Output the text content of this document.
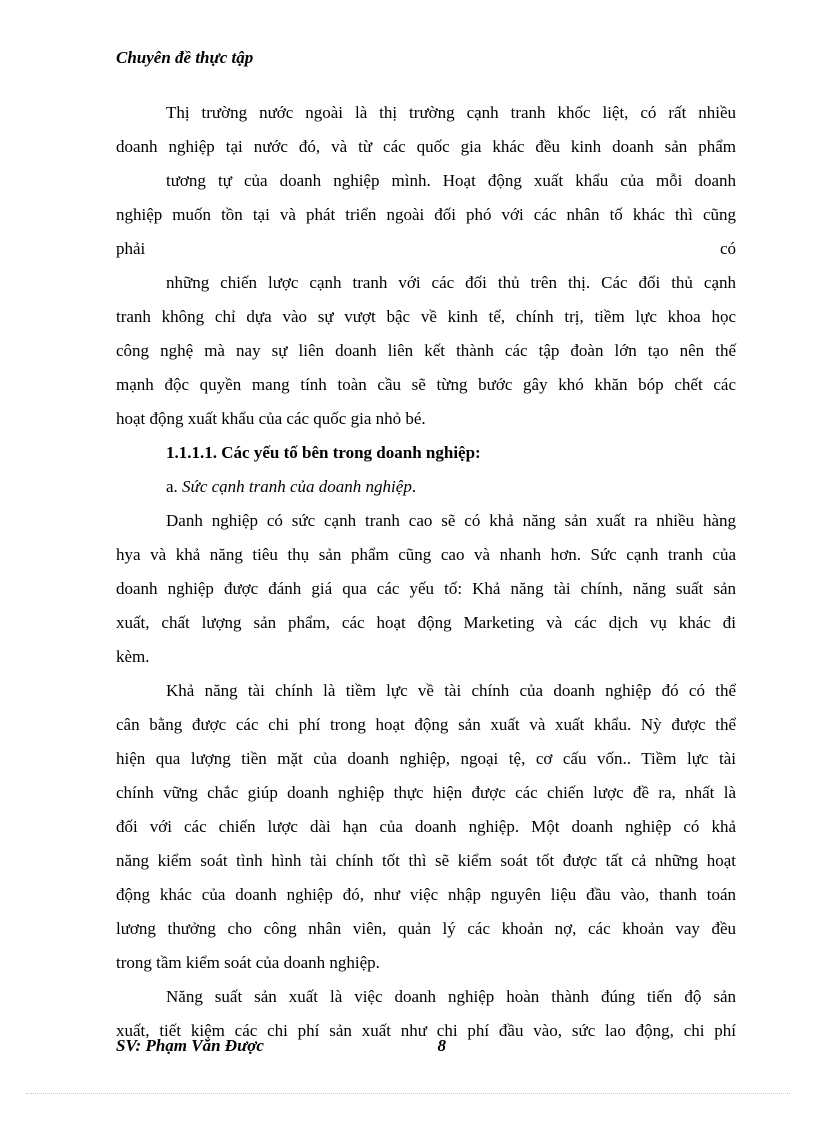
Chuyên đề thực tập
Thị trường nước ngoài là thị trường cạnh tranh khốc liệt, có rất nhiều
doanh nghiệp tại nước đó, và từ các quốc gia khác đều kinh doanh sản phẩm
tương tự của doanh nghiệp mình. Hoạt động xuất khẩu của mỗi doanh
nghiệp muốn tồn tại và phát triển ngoài đối phó với các nhân tố khác thì cũng
phải	có
những chiến lược cạnh tranh với các đối thủ trên thị. Các đối thủ cạnh
tranh không chỉ dựa vào sự vượt bậc về kinh tế, chính trị, tiềm lực khoa học
công nghệ mà nay sự liên doanh liên kết thành các tập đoàn lớn tạo nên thế
mạnh độc quyền mang tính toàn cầu sẽ từng bước gây khó khăn bóp chết các
hoạt động xuất khẩu của các quốc gia nhỏ bé.
1.1.1.1. Các yếu tố bên trong doanh nghiệp:
a. Sức cạnh tranh của doanh nghiệp.
Danh nghiệp có sức cạnh tranh cao sẽ có khả năng sản xuất ra nhiều hàng
hya và khả năng tiêu thụ sản phẩm cũng cao và nhanh hơn. Sức cạnh tranh của
doanh nghiệp được đánh giá qua các yếu tố: Khả năng tài chính, năng suất sản
xuất, chất lượng sản phẩm, các hoạt động Marketing và các dịch vụ khác đi
kèm.
Khả năng tài chính là tiềm lực về tài chính của doanh nghiệp đó có thể
cân bằng được các chi phí trong hoạt động sản xuất và xuất khẩu. Nỳ được thể
hiện qua lượng tiền mặt của doanh nghiệp, ngoại tệ, cơ cấu vốn.. Tiềm lực tài
chính vững chắc giúp doanh nghiệp thực hiện được các chiến lược đề ra, nhất là
đối với các chiến lược dài hạn của doanh nghiệp. Một doanh nghiệp có khả
năng kiểm soát tình hình tài chính tốt thì sẽ kiểm soát tốt được tất cả những hoạt
động khác của doanh nghiệp đó, như việc nhập nguyên liệu đầu vào, thanh toán
lương thưởng cho công nhân viên, quản lý các khoản nợ, các khoản vay đều
trong tầm kiểm soát của doanh nghiệp.
Năng suất sản xuất là việc doanh nghiệp hoàn thành đúng tiến độ sản
xuất, tiết kiệm các chi phí sản xuất như chi phí đầu vào, sức lao động, chi phí
SV: Phạm Văn Được	8
